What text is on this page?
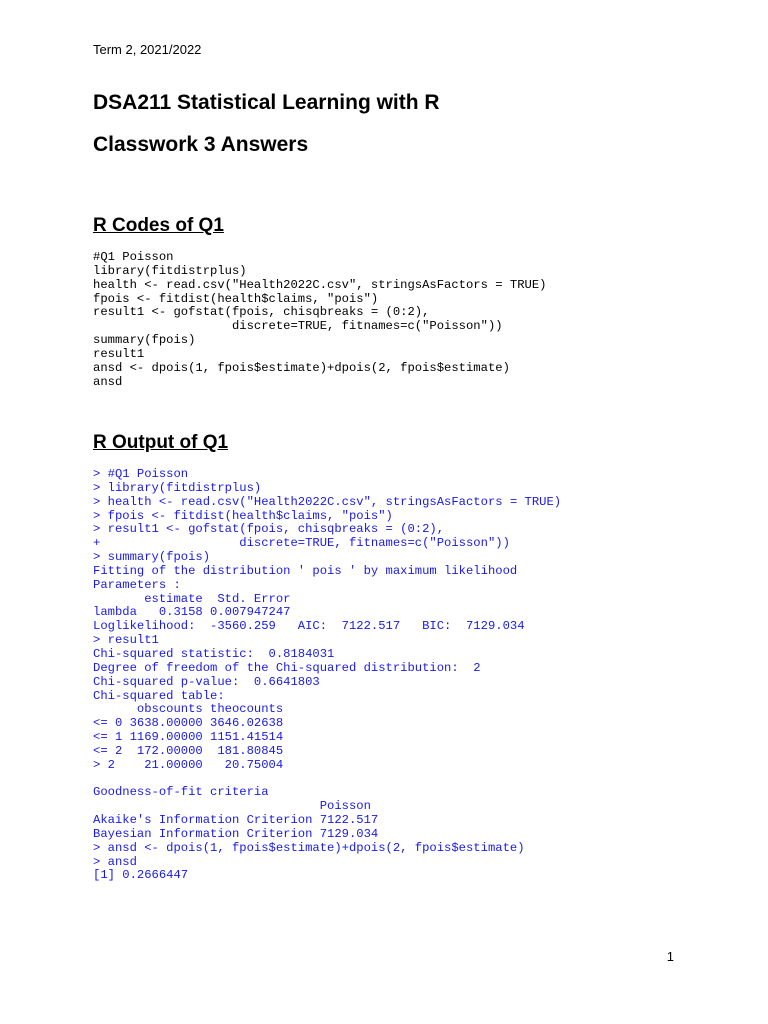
Term 2, 2021/2022

DSA211 Statistical Learning with R
Classwork 3 Answers
R Codes of Q1
#Q1 Poisson
library(fitdistrplus)
health <- read.csv("Health2022C.csv", stringsAsFactors = TRUE)
fpois <- fitdist(health$claims, "pois")
result1 <- gofstat(fpois, chisqbreaks = (0:2),
discrete=TRUE, fitnames=c("Poisson"))
summary(fpois)
result1
ansd <- dpois(1, fpois$estimate)+dpois(2, fpois$estimate)
ansd
R Output of Q1
> #Q1 Poisson
> library(fitdistrplus)
> health <- read.csv("Health2022C.csv", stringsAsFactors = TRUE)
> fpois <- fitdist(health$claims, "pois")
> result1 <- gofstat(fpois, chisqbreaks = (0:2),
+                   discrete=TRUE, fitnames=c("Poisson"))
> summary(fpois)
Fitting of the distribution ' pois ' by maximum likelihood
Parameters :
estimate  Std. Error
lambda   0.3158 0.007947247
Loglikelihood:  -3560.259   AIC:  7122.517   BIC:  7129.034
> result1
Chi-squared statistic:  0.8184031
Degree of freedom of the Chi-squared distribution:  2
Chi-squared p-value:  0.6641803
Chi-squared table:
obscounts theocounts
<= 0 3638.00000 3646.02638
<= 1 1169.00000 1151.41514
<= 2  172.00000  181.80845
> 2    21.00000   20.75004
Goodness-of-fit criteria
Poisson
Akaike's Information Criterion 7122.517
Bayesian Information Criterion 7129.034
> ansd <- dpois(1, fpois$estimate)+dpois(2, fpois$estimate)
> ansd
[1] 0.2666447

1
